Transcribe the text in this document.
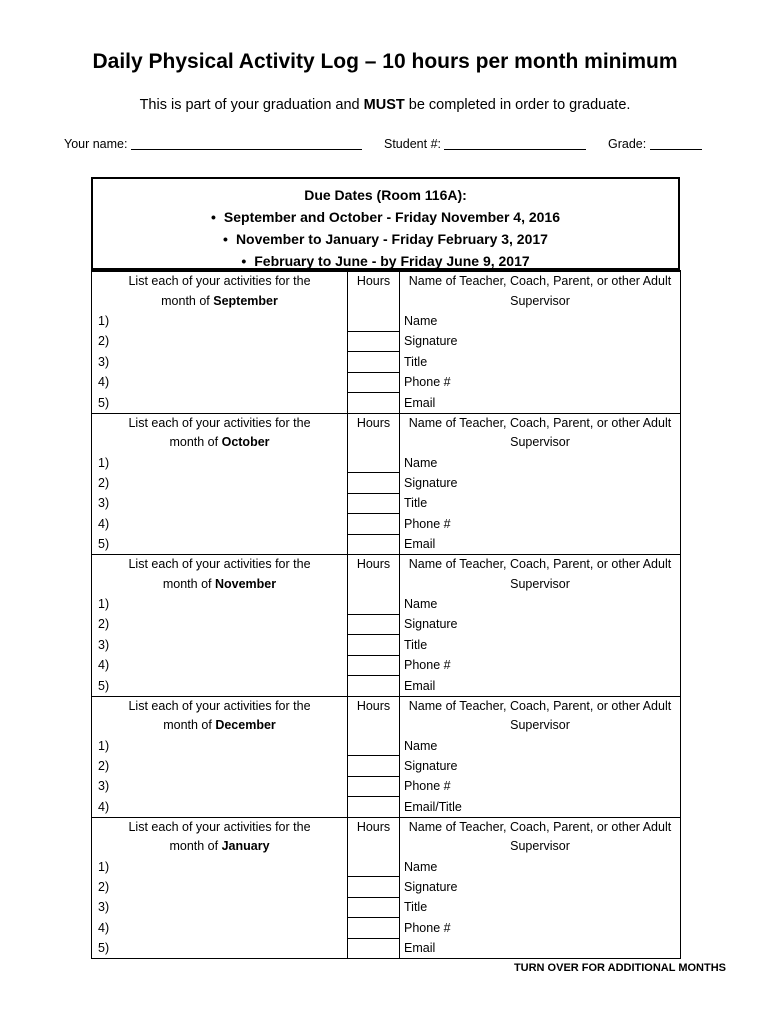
Daily Physical Activity Log – 10 hours per month minimum
This is part of your graduation and MUST be completed in order to graduate.
Your name:	Student #:	Grade:
Due Dates (Room 116A):
• September and October - Friday November 4, 2016
• November to January - Friday February 3, 2017
• February to June - by Friday June 9, 2017
List each of your activities for the
month of September	Hours	Name of Teacher, Coach, Parent, or other Adult Supervisor
1)		Name
2)		Signature
3)		Title
4)		Phone #
5)		Email
List each of your activities for the
month of October	Hours	Name of Teacher, Coach, Parent, or other Adult Supervisor
1)		Name
2)		Signature
3)		Title
4)		Phone #
5)		Email
List each of your activities for the
month of November	Hours	Name of Teacher, Coach, Parent, or other Adult Supervisor
1)		Name
2)		Signature
3)		Title
4)		Phone #
5)		Email
List each of your activities for the
month of December	Hours	Name of Teacher, Coach, Parent, or other Adult Supervisor
1)		Name
2)		Signature
3)		Phone #
4)		Email/Title
List each of your activities for the
month of January	Hours	Name of Teacher, Coach, Parent, or other Adult Supervisor
1)		Name
2)		Signature
3)		Title
4)		Phone #
5)		Email
TURN OVER FOR ADDITIONAL MONTHS
